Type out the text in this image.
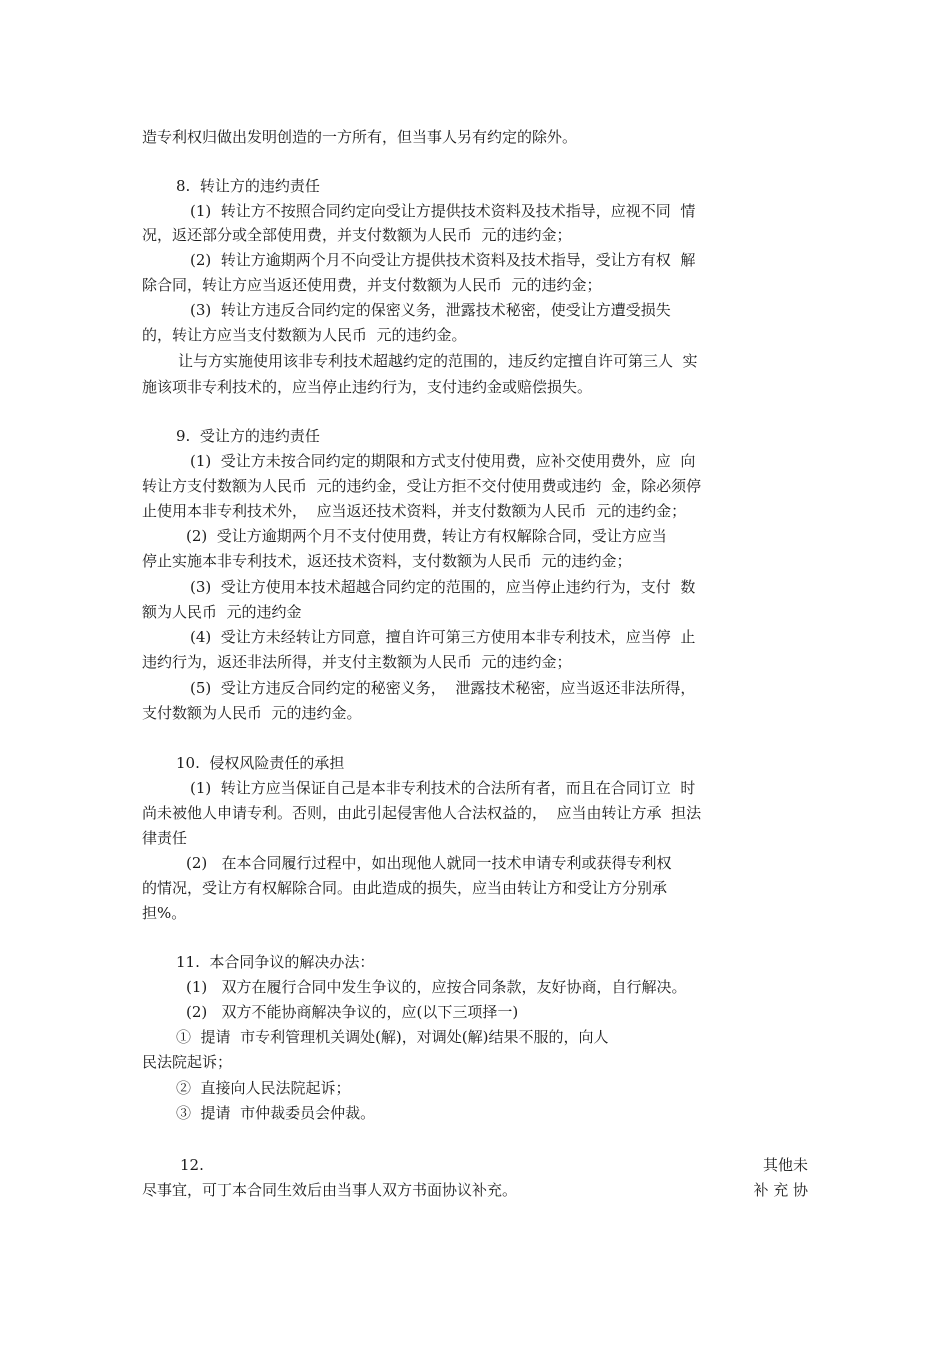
造专利权归做出发明创造的一方所有，但当事人另有约定的除外。
8.  转让方的违约责任
(1)  转让方不按照合同约定向受让方提供技术资料及技术指导，应视不同  情
况，返还部分或全部使用费，并支付数额为人民币  元的违约金；
(2)  转让方逾期两个月不向受让方提供技术资料及技术指导，受让方有权  解
除合同，转让方应当返还使用费，并支付数额为人民币  元的违约金；
(3)  转让方违反合同约定的保密义务，泄露技术秘密，使受让方遭受损失
的，转让方应当支付数额为人民币  元的违约金。
让与方实施使用该非专利技术超越约定的范围的，违反约定擅自许可第三人  实
施该项非专利技术的，应当停止违约行为，支付违约金或赔偿损失。
9.  受让方的违约责任
(1)  受让方未按合同约定的期限和方式支付使用费，应补交使用费外，应  向
转让方支付数额为人民币  元的违约金，受让方拒不交付使用费或违约  金，除必须停
止使用本非专利技术外，  应当返还技术资料，并支付数额为人民币  元的违约金；
(2)  受让方逾期两个月不支付使用费，转让方有权解除合同，受让方应当
停止实施本非专利技术，返还技术资料，支付数额为人民币  元的违约金；
(3)  受让方使用本技术超越合同约定的范围的，应当停止违约行为，支付  数
额为人民币  元的违约金
(4)  受让方未经转让方同意，擅自许可第三方使用本非专利技术，应当停  止
违约行为，返还非法所得，并支付主数额为人民币  元的违约金；
(5)  受让方违反合同约定的秘密义务，  泄露技术秘密，应当返还非法所得，
支付数额为人民币  元的违约金。
10.  侵权风险责任的承担
(1)  转让方应当保证自己是本非专利技术的合法所有者，而且在合同订立  时
尚未被他人申请专利。否则，由此引起侵害他人合法权益的，  应当由转让方承  担法
律责任
(2)   在本合同履行过程中，如出现他人就同一技术申请专利或获得专利权
的情况，受让方有权解除合同。由此造成的损失，应当由转让方和受让方分别承
担%。
11.  本合同争议的解决办法：
(1)   双方在履行合同中发生争议的，应按合同条款，友好协商，自行解决。
(2)   双方不能协商解决争议的，应(以下三项择一)
①  提请  市专利管理机关调处(解)，对调处(解)结果不服的，向人
民法院起诉；
②  直接向人民法院起诉；
③  提请  市仲裁委员会仲裁。
12.	其他未
尽事宜，可丁本合同生效后由当事人双方书面协议补充。	补 充 协
